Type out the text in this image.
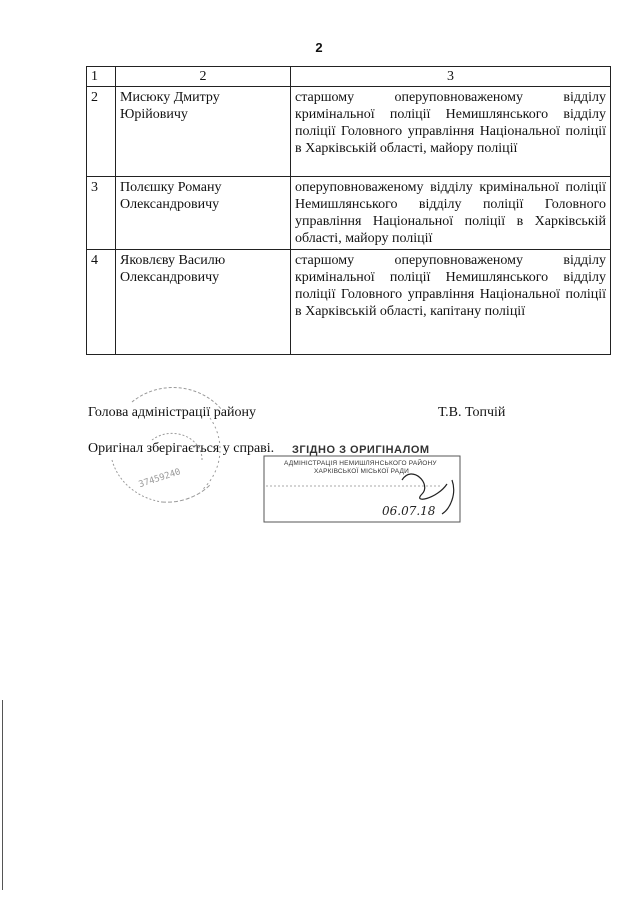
2
1	2	3
2	Мисюку Дмитру Юрійовичу	старшому оперуповноваженому відділу кримінальної поліції Немишлянського відділу поліції Головного управління Національної поліції в Харківській області, майору поліції
3	Полєшку Роману Олександровичу	оперуповноваженому відділу кримінальної поліції Немишлянського відділу поліції Головного управління Національної поліції в Харківській області, майору поліції
4	Яковлєву Василю Олександровичу	старшому оперуповноваженому відділу кримінальної поліції Немишлянського відділу поліції Головного управління Національної поліції в Харківській області, капітану поліції
37459240
Голова адміністрації району	Т.В. Топчій
Оригінал зберігається у справі. ЗГІДНО З ОРИГІНАЛОМ
АДМІНІСТРАЦІЯ НЕМИШЛЯНСЬКОГО РАЙОНУ
ХАРКІВСЬКОЇ МІСЬКОЇ РАДИ
06.07.18
